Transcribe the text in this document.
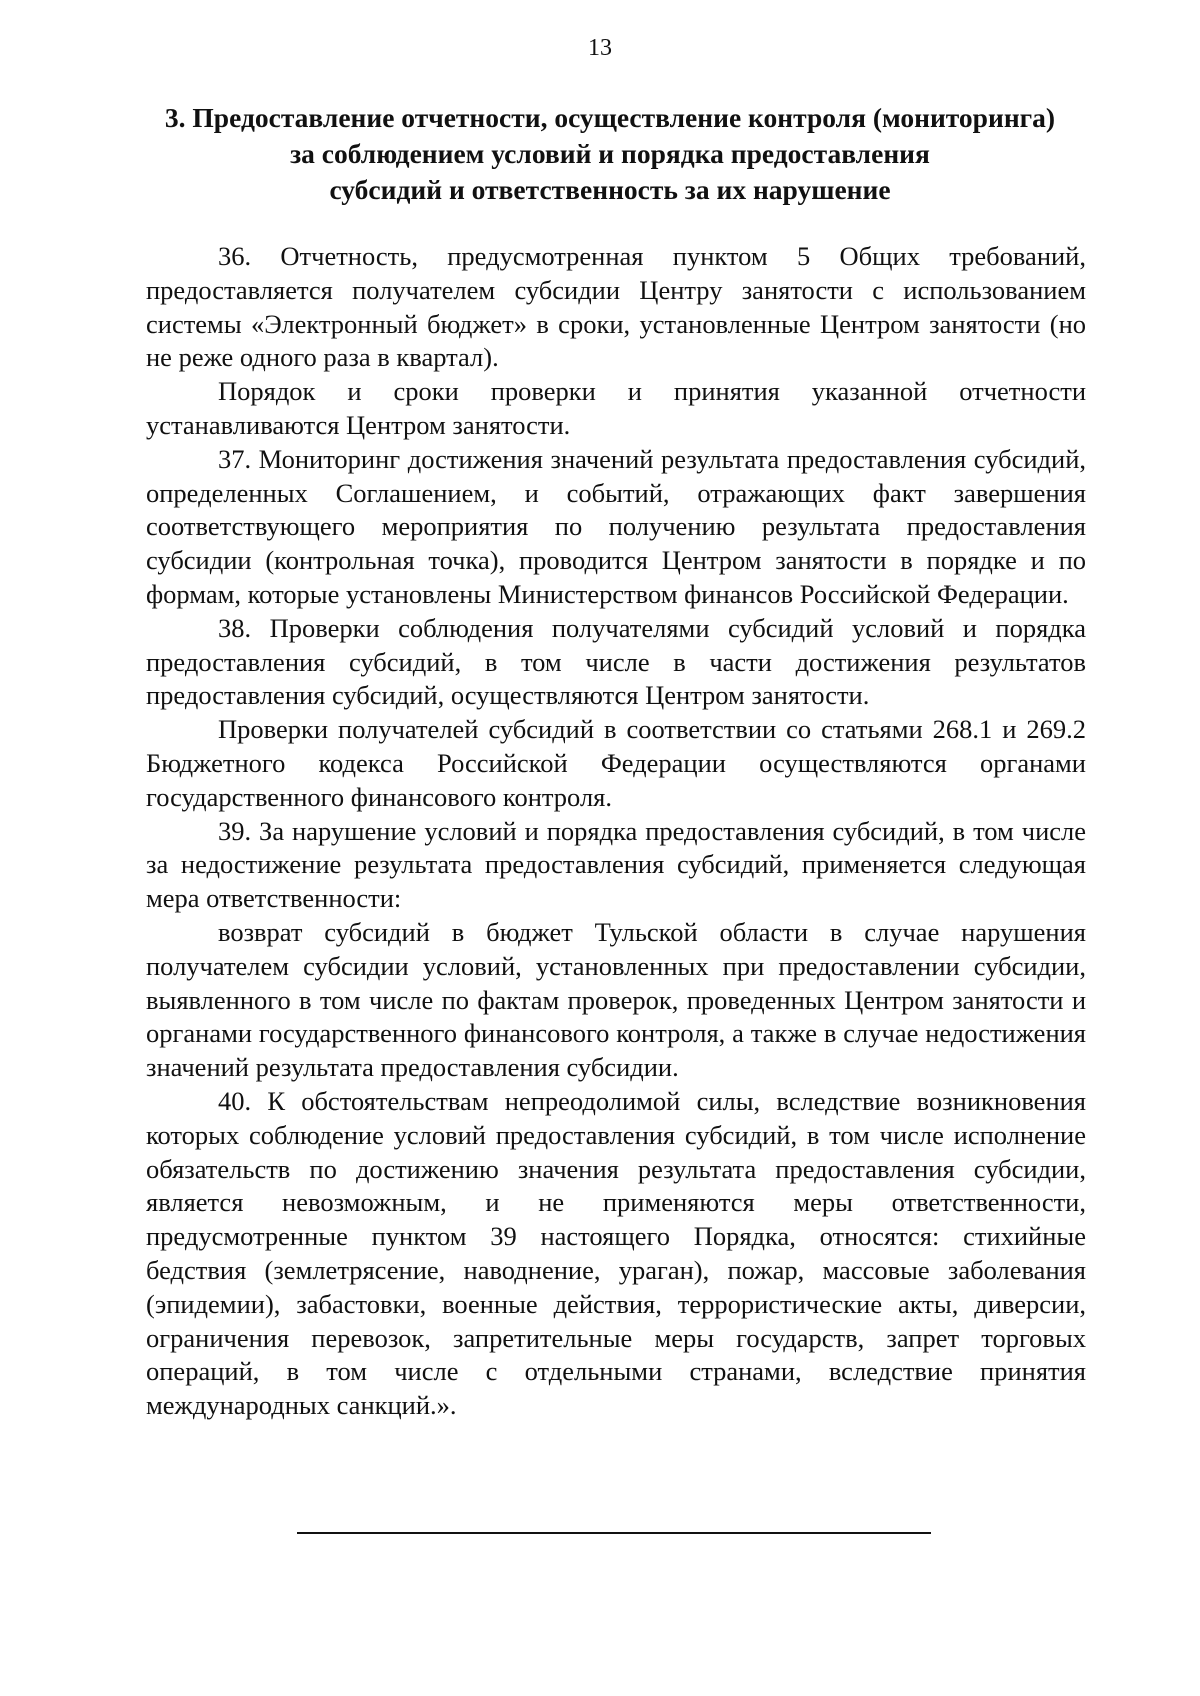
13
3. Предоставление отчетности, осуществление контроля (мониторинга)
за соблюдением условий и порядка предоставления
субсидий и ответственность за их нарушение

36. Отчетность, предусмотренная пунктом 5 Общих требований, предоставляется получателем субсидии Центру занятости с использованием системы «Электронный бюджет» в сроки, установленные Центром занятости (но не реже одного раза в квартал).

Порядок и сроки проверки и принятия указанной отчетности устанавливаются Центром занятости.

37. Мониторинг достижения значений результата предоставления субсидий, определенных Соглашением, и событий, отражающих факт завершения соответствующего мероприятия по получению результата предоставления субсидии (контрольная точка), проводится Центром занятости в порядке и по формам, которые установлены Министерством финансов Российской Федерации.

38. Проверки соблюдения получателями субсидий условий и порядка предоставления субсидий, в том числе в части достижения результатов предоставления субсидий, осуществляются Центром занятости.

Проверки получателей субсидий в соответствии со статьями 268.1 и 269.2 Бюджетного кодекса Российской Федерации осуществляются органами государственного финансового контроля.

39. За нарушение условий и порядка предоставления субсидий, в том числе за недостижение результата предоставления субсидий, применяется следующая мера ответственности:

возврат субсидий в бюджет Тульской области в случае нарушения получателем субсидии условий, установленных при предоставлении субсидии, выявленного в том числе по фактам проверок, проведенных Центром занятости и органами государственного финансового контроля, а также в случае недостижения значений результата предоставления субсидии.

40. К обстоятельствам непреодолимой силы, вследствие возникновения которых соблюдение условий предоставления субсидий, в том числе исполнение обязательств по достижению значения результата предоставления субсидии, является невозможным, и не применяются меры ответственности, предусмотренные пунктом 39 настоящего Порядка, относятся: стихийные бедствия (землетрясение, наводнение, ураган), пожар, массовые заболевания (эпидемии), забастовки, военные действия, террористические акты, диверсии, ограничения перевозок, запретительные меры государств, запрет торговых операций, в том числе с отдельными странами, вследствие принятия международных санкций.».
